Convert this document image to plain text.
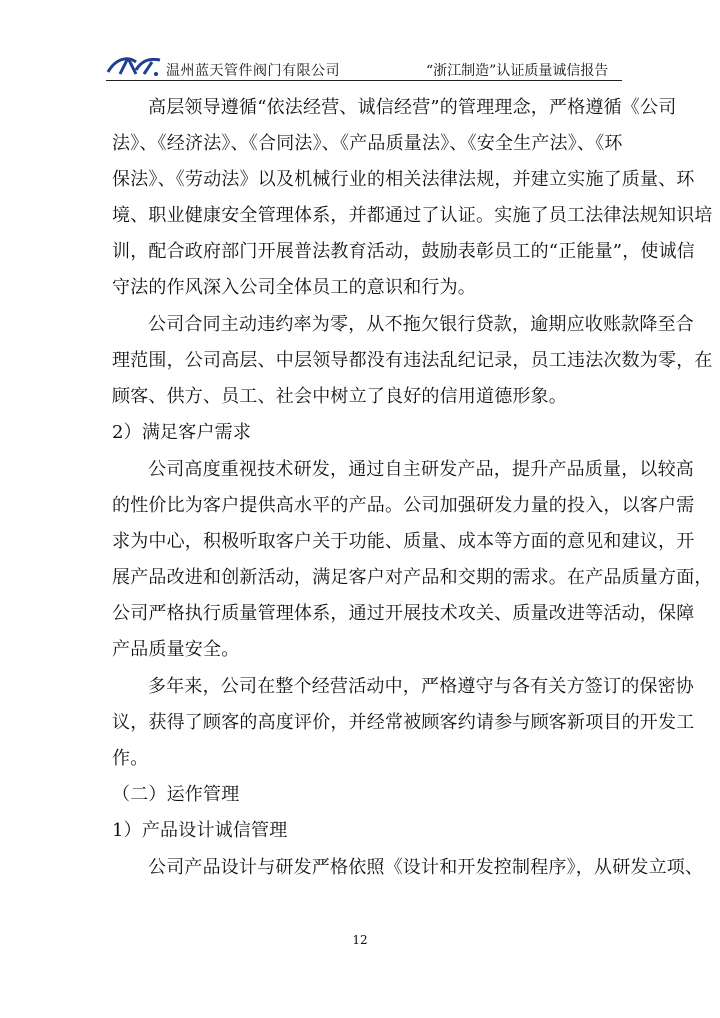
温州蓝天管件阀门有限公司	“浙江制造”认证质量诚信报告
高层领导遵循“依法经营、诚信经营”的管理理念，严格遵循《公司
法》、《经济法》、《合同法》、《产品质量法》、《安全生产法》、《环
保法》、《劳动法》以及机械行业的相关法律法规，并建立实施了质量、环
境、职业健康安全管理体系，并都通过了认证。实施了员工法律法规知识培
训，配合政府部门开展普法教育活动，鼓励表彰员工的“正能量”，使诚信
守法的作风深入公司全体员工的意识和行为。
公司合同主动违约率为零，从不拖欠银行贷款，逾期应收账款降至合
理范围，公司高层、中层领导都没有违法乱纪记录，员工违法次数为零，在
顾客、供方、员工、社会中树立了良好的信用道德形象。
2）满足客户需求
公司高度重视技术研发，通过自主研发产品，提升产品质量，以较高
的性价比为客户提供高水平的产品。公司加强研发力量的投入，以客户需
求为中心，积极听取客户关于功能、质量、成本等方面的意见和建议，开
展产品改进和创新活动，满足客户对产品和交期的需求。在产品质量方面，
公司严格执行质量管理体系，通过开展技术攻关、质量改进等活动，保障
产品质量安全。
多年来，公司在整个经营活动中，严格遵守与各有关方签订的保密协
议，获得了顾客的高度评价，并经常被顾客约请参与顾客新项目的开发工
作。
（二）运作管理
1）产品设计诚信管理
公司产品设计与研发严格依照《设计和开发控制程序》，从研发立项、
12
